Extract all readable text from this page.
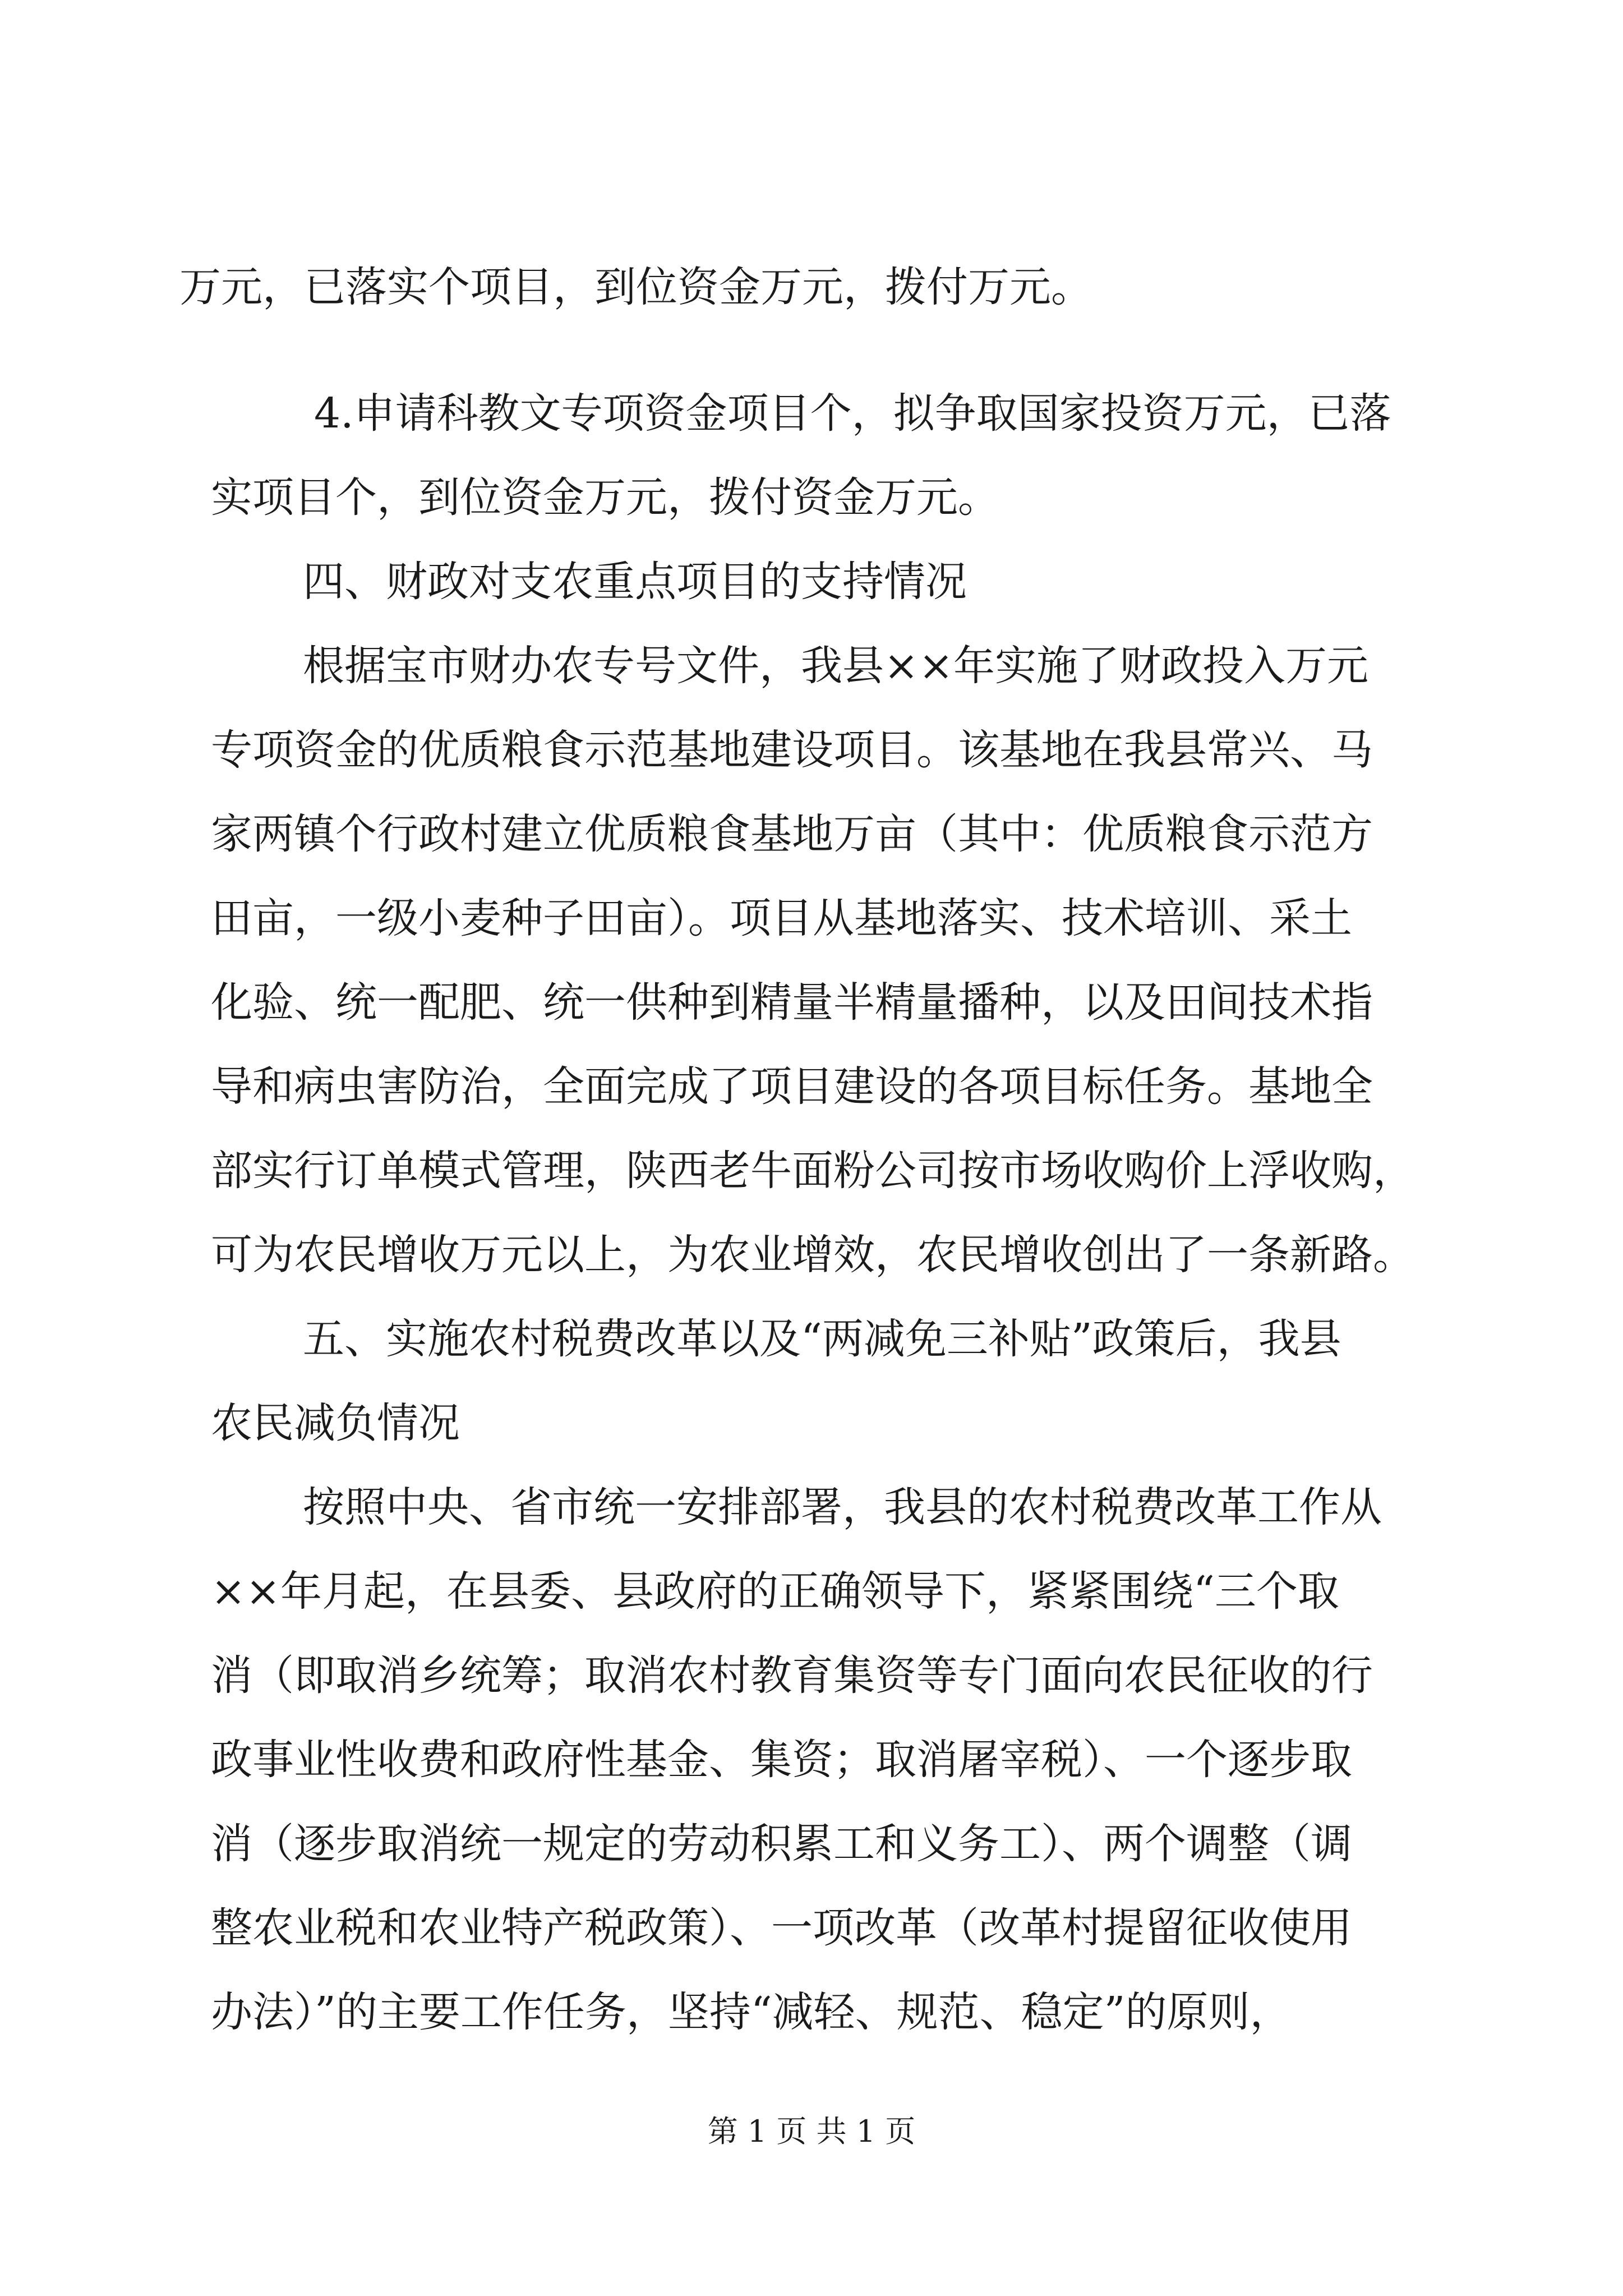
万元，已落实个项目，到位资金万元，拨付万元。
4.申请科教文专项资金项目个，拟争取国家投资万元，已落
实项目个，到位资金万元，拨付资金万元。
四、财政对支农重点项目的支持情况
根据宝市财办农专号文件，我县××年实施了财政投入万元
专项资金的优质粮食示范基地建设项目。该基地在我县常兴、马
家两镇个行政村建立优质粮食基地万亩（其中：优质粮食示范方
田亩，一级小麦种子田亩）。项目从基地落实、技术培训、采土
化验、统一配肥、统一供种到精量半精量播种，以及田间技术指
导和病虫害防治，全面完成了项目建设的各项目标任务。基地全
部实行订单模式管理，陕西老牛面粉公司按市场收购价上浮收购，
可为农民增收万元以上，为农业增效，农民增收创出了一条新路。
五、实施农村税费改革以及“两减免三补贴”政策后，我县
农民减负情况
按照中央、省市统一安排部署，我县的农村税费改革工作从
××年月起，在县委、县政府的正确领导下，紧紧围绕“三个取
消（即取消乡统筹；取消农村教育集资等专门面向农民征收的行
政事业性收费和政府性基金、集资；取消屠宰税）、一个逐步取
消（逐步取消统一规定的劳动积累工和义务工）、两个调整（调
整农业税和农业特产税政策）、一项改革（改革村提留征收使用
办法）”的主要工作任务，坚持“减轻、规范、稳定”的原则，
第 1 页 共 1 页
